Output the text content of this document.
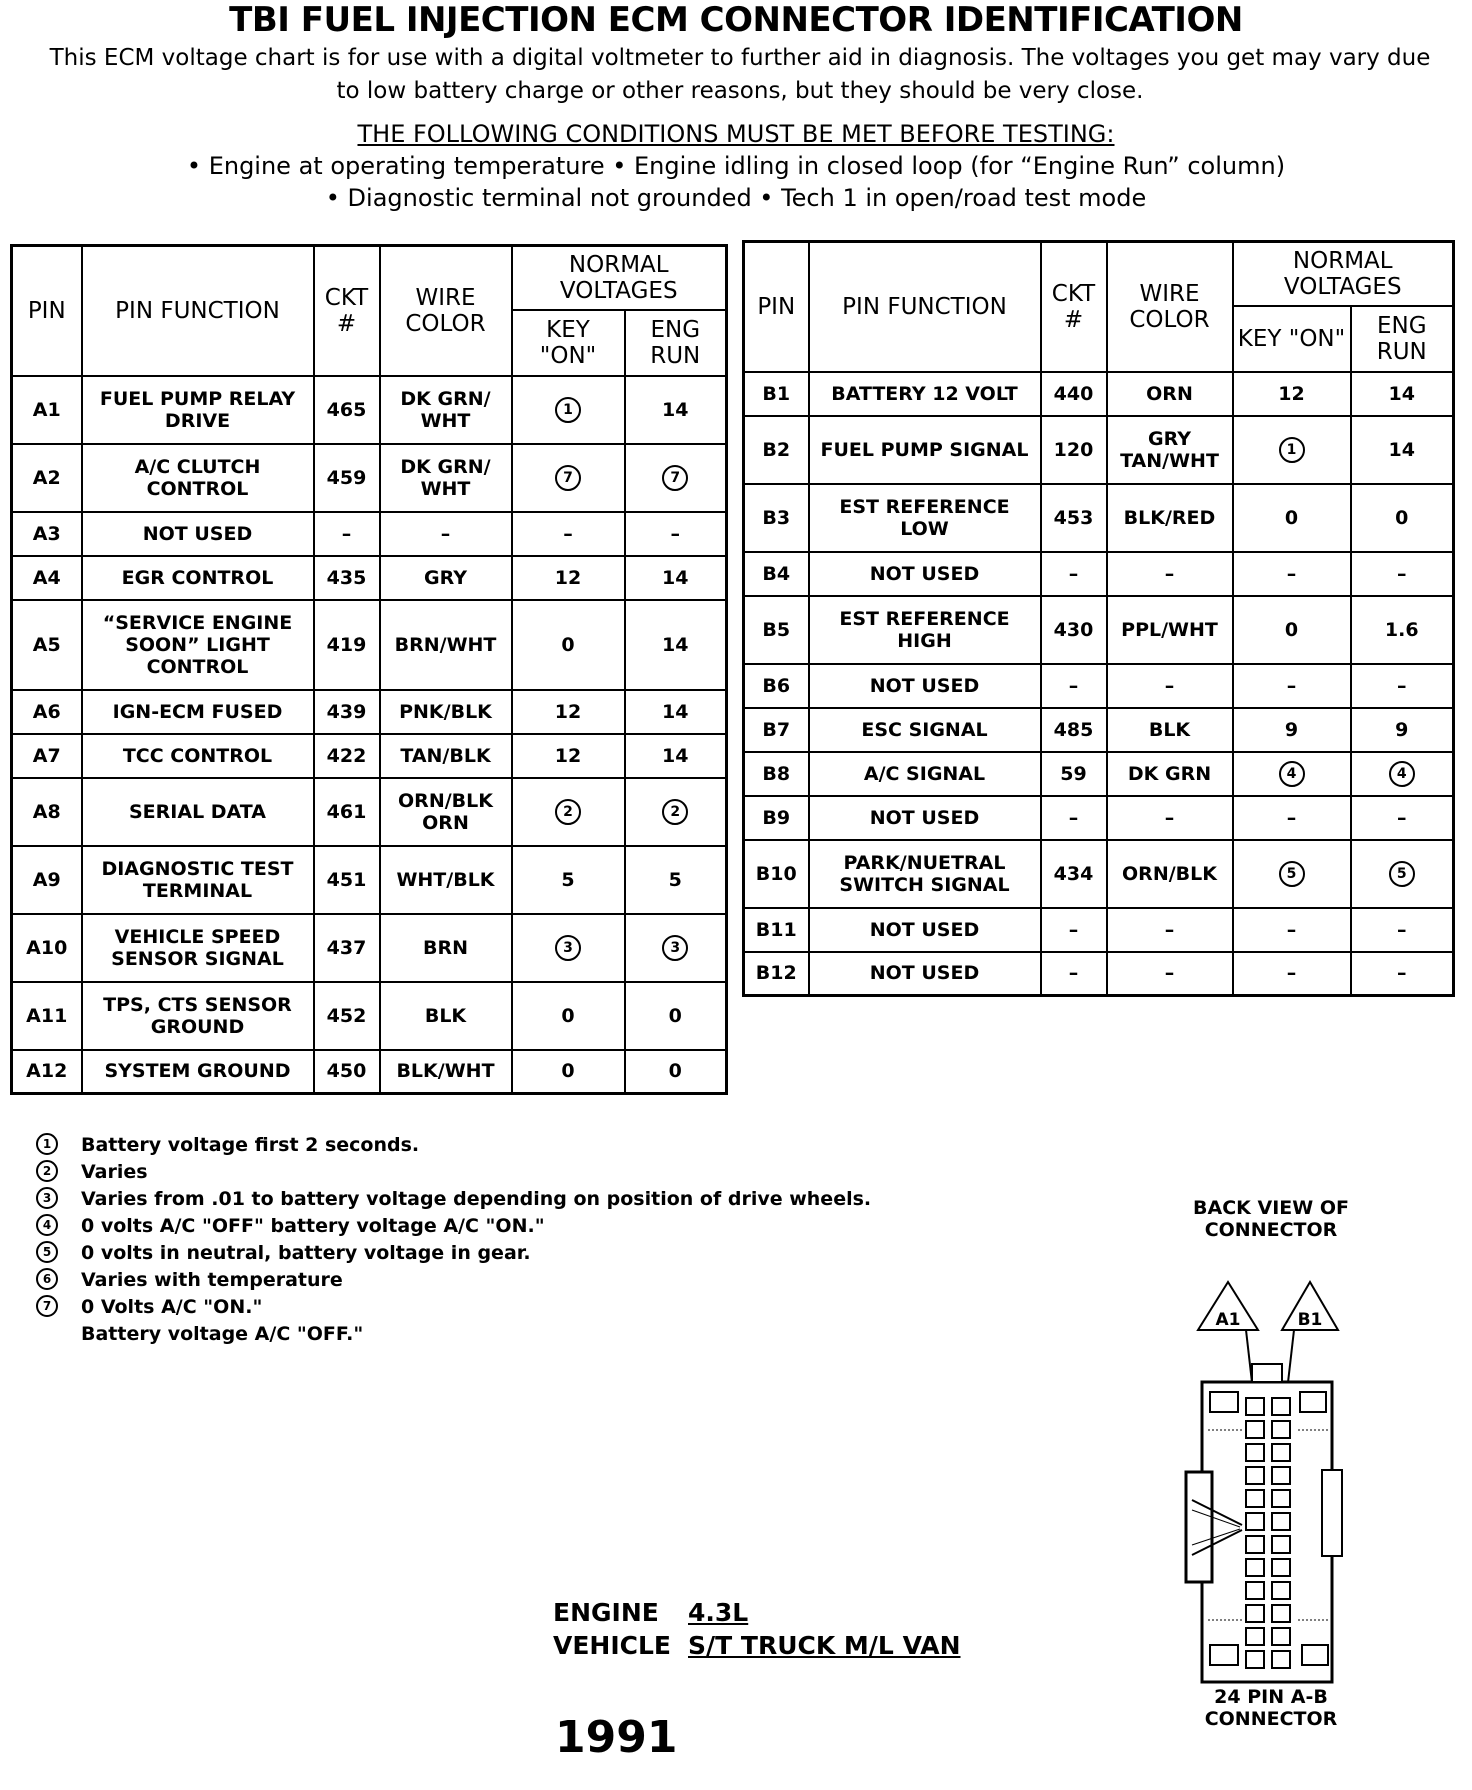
TBI FUEL INJECTION ECM CONNECTOR IDENTIFICATION
This ECM voltage chart is for use with a digital voltmeter to further aid in diagnosis. The voltages you get may vary due to low battery charge or other reasons, but they should be very close.
THE FOLLOWING CONDITIONS MUST BE MET BEFORE TESTING:
• Engine at operating temperature • Engine idling in closed loop (for “Engine Run” column)
• Diagnostic terminal not grounded • Tech 1 in open/road test mode
PIN	PIN FUNCTION	CKT #	WIRE COLOR	NORMAL VOLTAGES	
				KEY "ON"	ENG RUN
A1	FUEL PUMP RELAY DRIVE	465	DK GRN/ WHT	1	14
A2	A/C CLUTCH CONTROL	459	DK GRN/ WHT	7	7
A3	NOT USED	–	–	–	–
A4	EGR CONTROL	435	GRY	12	14
A5	“SERVICE ENGINE SOON” LIGHT CONTROL	419	BRN/WHT	0	14
A6	IGN-ECM FUSED	439	PNK/BLK	12	14
A7	TCC CONTROL	422	TAN/BLK	12	14
A8	SERIAL DATA	461	ORN/BLK ORN	2	2
A9	DIAGNOSTIC TEST TERMINAL	451	WHT/BLK	5	5
A10	VEHICLE SPEED SENSOR SIGNAL	437	BRN	3	3
A11	TPS, CTS SENSOR GROUND	452	BLK	0	0
A12	SYSTEM GROUND	450	BLK/WHT	0	0
PIN	PIN FUNCTION	CKT #	WIRE COLOR	NORMAL VOLTAGES	
				KEY "ON"	ENG RUN
B1	BATTERY 12 VOLT	440	ORN	12	14
B2	FUEL PUMP SIGNAL	120	GRY TAN/WHT	1	14
B3	EST REFERENCE LOW	453	BLK/RED	0	0
B4	NOT USED	–	–	–	–
B5	EST REFERENCE HIGH	430	PPL/WHT	0	1.6
B6	NOT USED	–	–	–	–
B7	ESC SIGNAL	485	BLK	9	9
B8	A/C SIGNAL	59	DK GRN	4	4
B9	NOT USED	–	–	–	–
B10	PARK/NUETRAL SWITCH SIGNAL	434	ORN/BLK	5	5
B11	NOT USED	–	–	–	–
B12	NOT USED	–	–	–	–
1	Battery voltage first 2 seconds.
2	Varies
3	Varies from .01 to battery voltage depending on position of drive wheels.
4	0 volts A/C "OFF" battery voltage A/C "ON."
5	0 volts in neutral, battery voltage in gear.
6	Varies with temperature
7	0 Volts A/C "ON."
Battery voltage A/C "OFF."
BACK VIEW OF CONNECTOR
A1	B1
24 PIN A-B CONNECTOR
ENGINE 4.3L
VEHICLE S/T TRUCK M/L VAN
1991
